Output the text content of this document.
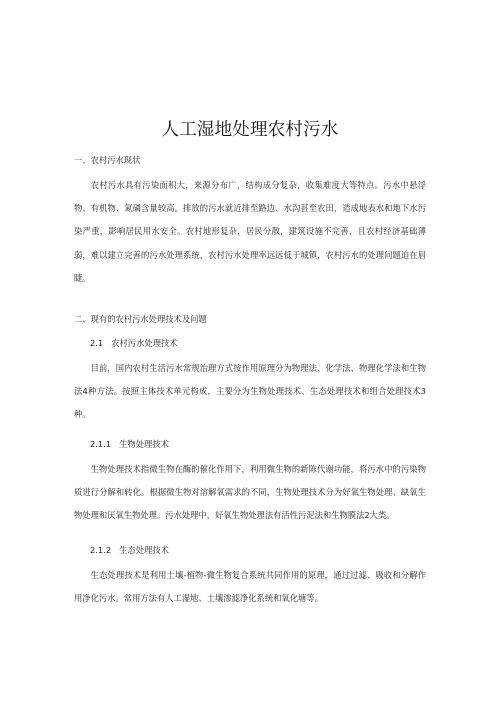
人工湿地处理农村污水
一、农村污水现状
农村污水具有污染面积大，来源分布广，结构成分复杂，收集难度大等特点。污水中悬浮物、有机物、氮磷含量较高。排放的污水就近排至路边、水沟甚至农田，造成地表水和地下水污染严重，影响居民用水安全。农村地形复杂，居民分散，建筑设施不完善，且农村经济基础薄弱，难以建立完善的污水处理系统，农村污水处理率远远低于城镇，农村污水的处理问题迫在眉睫。
二、现有的农村污水处理技术及问题
2.1 农村污水处理技术
目前，国内农村生活污水常规治理方式按作用原理分为物理法、化学法、物理化学法和生物法4种方法。按照主体技术单元构成，主要分为生物处理技术、生态处理技术和组合处理技术3种。
2.1.1 生物处理技术
生物处理技术指微生物在酶的催化作用下，利用微生物的新陈代谢功能，将污水中的污染物质进行分解和转化。根据微生物对溶解氧需求的不同，生物处理技术分为好氧生物处理、缺氧生物处理和厌氧生物处理。污水处理中，好氧生物处理法有活性污泥法和生物膜法2大类。
2.1.2 生态处理技术
生态处理技术是利用土壤-植物-微生物复合系统共同作用的原理，通过过滤、吸收和分解作用净化污水。常用方法有人工湿地、土壤渗滤净化系统和氧化塘等。
